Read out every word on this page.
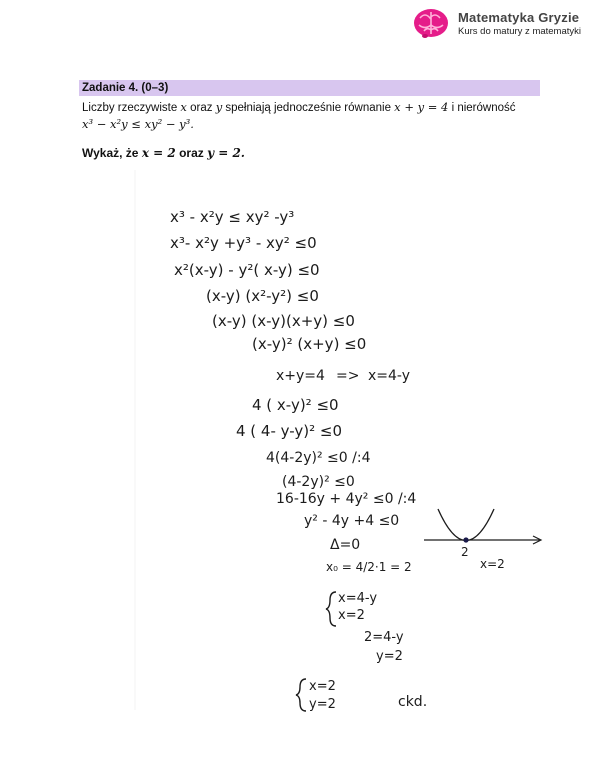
Matematyka Gryzie
Kurs do matury z matematyki
Zadanie 4. (0–3)
Liczby rzeczywiste x oraz y spełniają jednocześnie równanie x + y = 4 i nierówność
x³ − x²y ≤ xy² − y³.
Wykaż, że x = 2 oraz y = 2.
x³ - x²y ≤ xy² -y³
x³- x²y +y³ - xy² ≤0
x²(x-y) - y²( x-y) ≤0
(x-y) (x²-y²) ≤0
(x-y) (x-y)(x+y) ≤0
(x-y)² (x+y) ≤0
x+y=4 => x=4-y
4 ( x-y)² ≤0
4 ( 4- y-y)² ≤0
4(4-2y)² ≤0 /:4
(4-2y)² ≤0
16-16y + 4y² ≤0 /:4
y² - 4y +4 ≤0
Δ=0
x₀ = 4/2·1 = 2
x=4-y
x=2
2=4-y
y=2
x=2
y=2	ckd.
2
x=2
